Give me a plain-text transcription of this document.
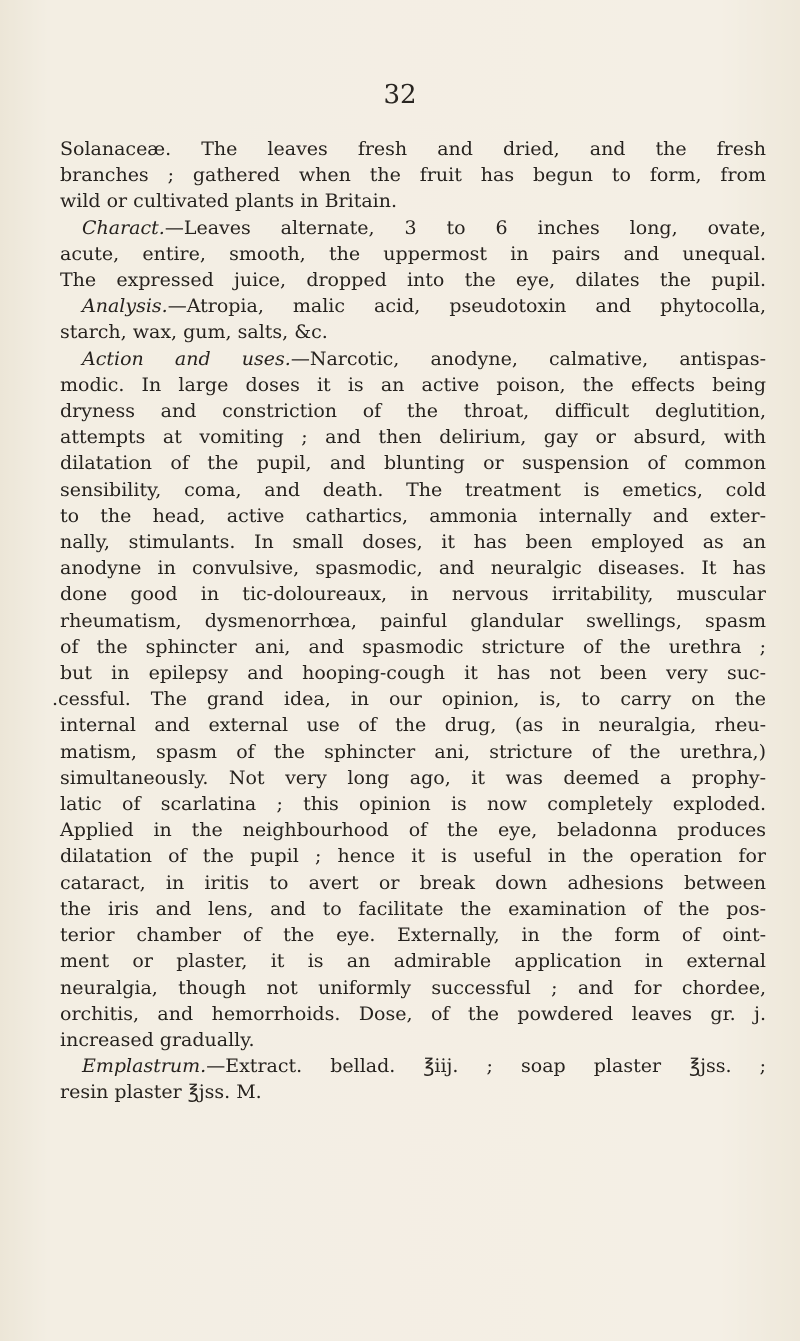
32
Solanaceæ. The leaves fresh and dried, and the fresh
branches ; gathered when the fruit has begun to form, from
wild or cultivated plants in Britain.
Charact.—Leaves alternate, 3 to 6 inches long, ovate,
acute, entire, smooth, the uppermost in pairs and unequal.
The expressed juice, dropped into the eye, dilates the pupil.
Analysis.—Atropia, malic acid, pseudotoxin and phytocolla,
starch, wax, gum, salts, &c.
Action and uses.—Narcotic, anodyne, calmative, antispas-
modic. In large doses it is an active poison, the effects being
dryness and constriction of the throat, difficult deglutition,
attempts at vomiting ; and then delirium, gay or absurd, with
dilatation of the pupil, and blunting or suspension of common
sensibility, coma, and death. The treatment is emetics, cold
to the head, active cathartics, ammonia internally and exter-
nally, stimulants. In small doses, it has been employed as an
anodyne in convulsive, spasmodic, and neuralgic diseases. It has
done good in tic-doloureaux, in nervous irritability, muscular
rheumatism, dysmenorrhœa, painful glandular swellings, spasm
of the sphincter ani, and spasmodic stricture of the urethra ;
but in epilepsy and hooping-cough it has not been very suc-
.cessful. The grand idea, in our opinion, is, to carry on the
internal and external use of the drug, (as in neuralgia, rheu-
matism, spasm of the sphincter ani, stricture of the urethra,)
simultaneously. Not very long ago, it was deemed a prophy-
latic of scarlatina ; this opinion is now completely exploded.
Applied in the neighbourhood of the eye, beladonna produces
dilatation of the pupil ; hence it is useful in the operation for
cataract, in iritis to avert or break down adhesions between
the iris and lens, and to facilitate the examination of the pos-
terior chamber of the eye. Externally, in the form of oint-
ment or plaster, it is an admirable application in external
neuralgia, though not uniformly successful ; and for chordee,
orchitis, and hemorrhoids. Dose, of the powdered leaves gr. j.
increased gradually.
Emplastrum.—Extract. bellad. ℥iij. ; soap plaster ℥jss. ;
resin plaster ℥jss. M.
